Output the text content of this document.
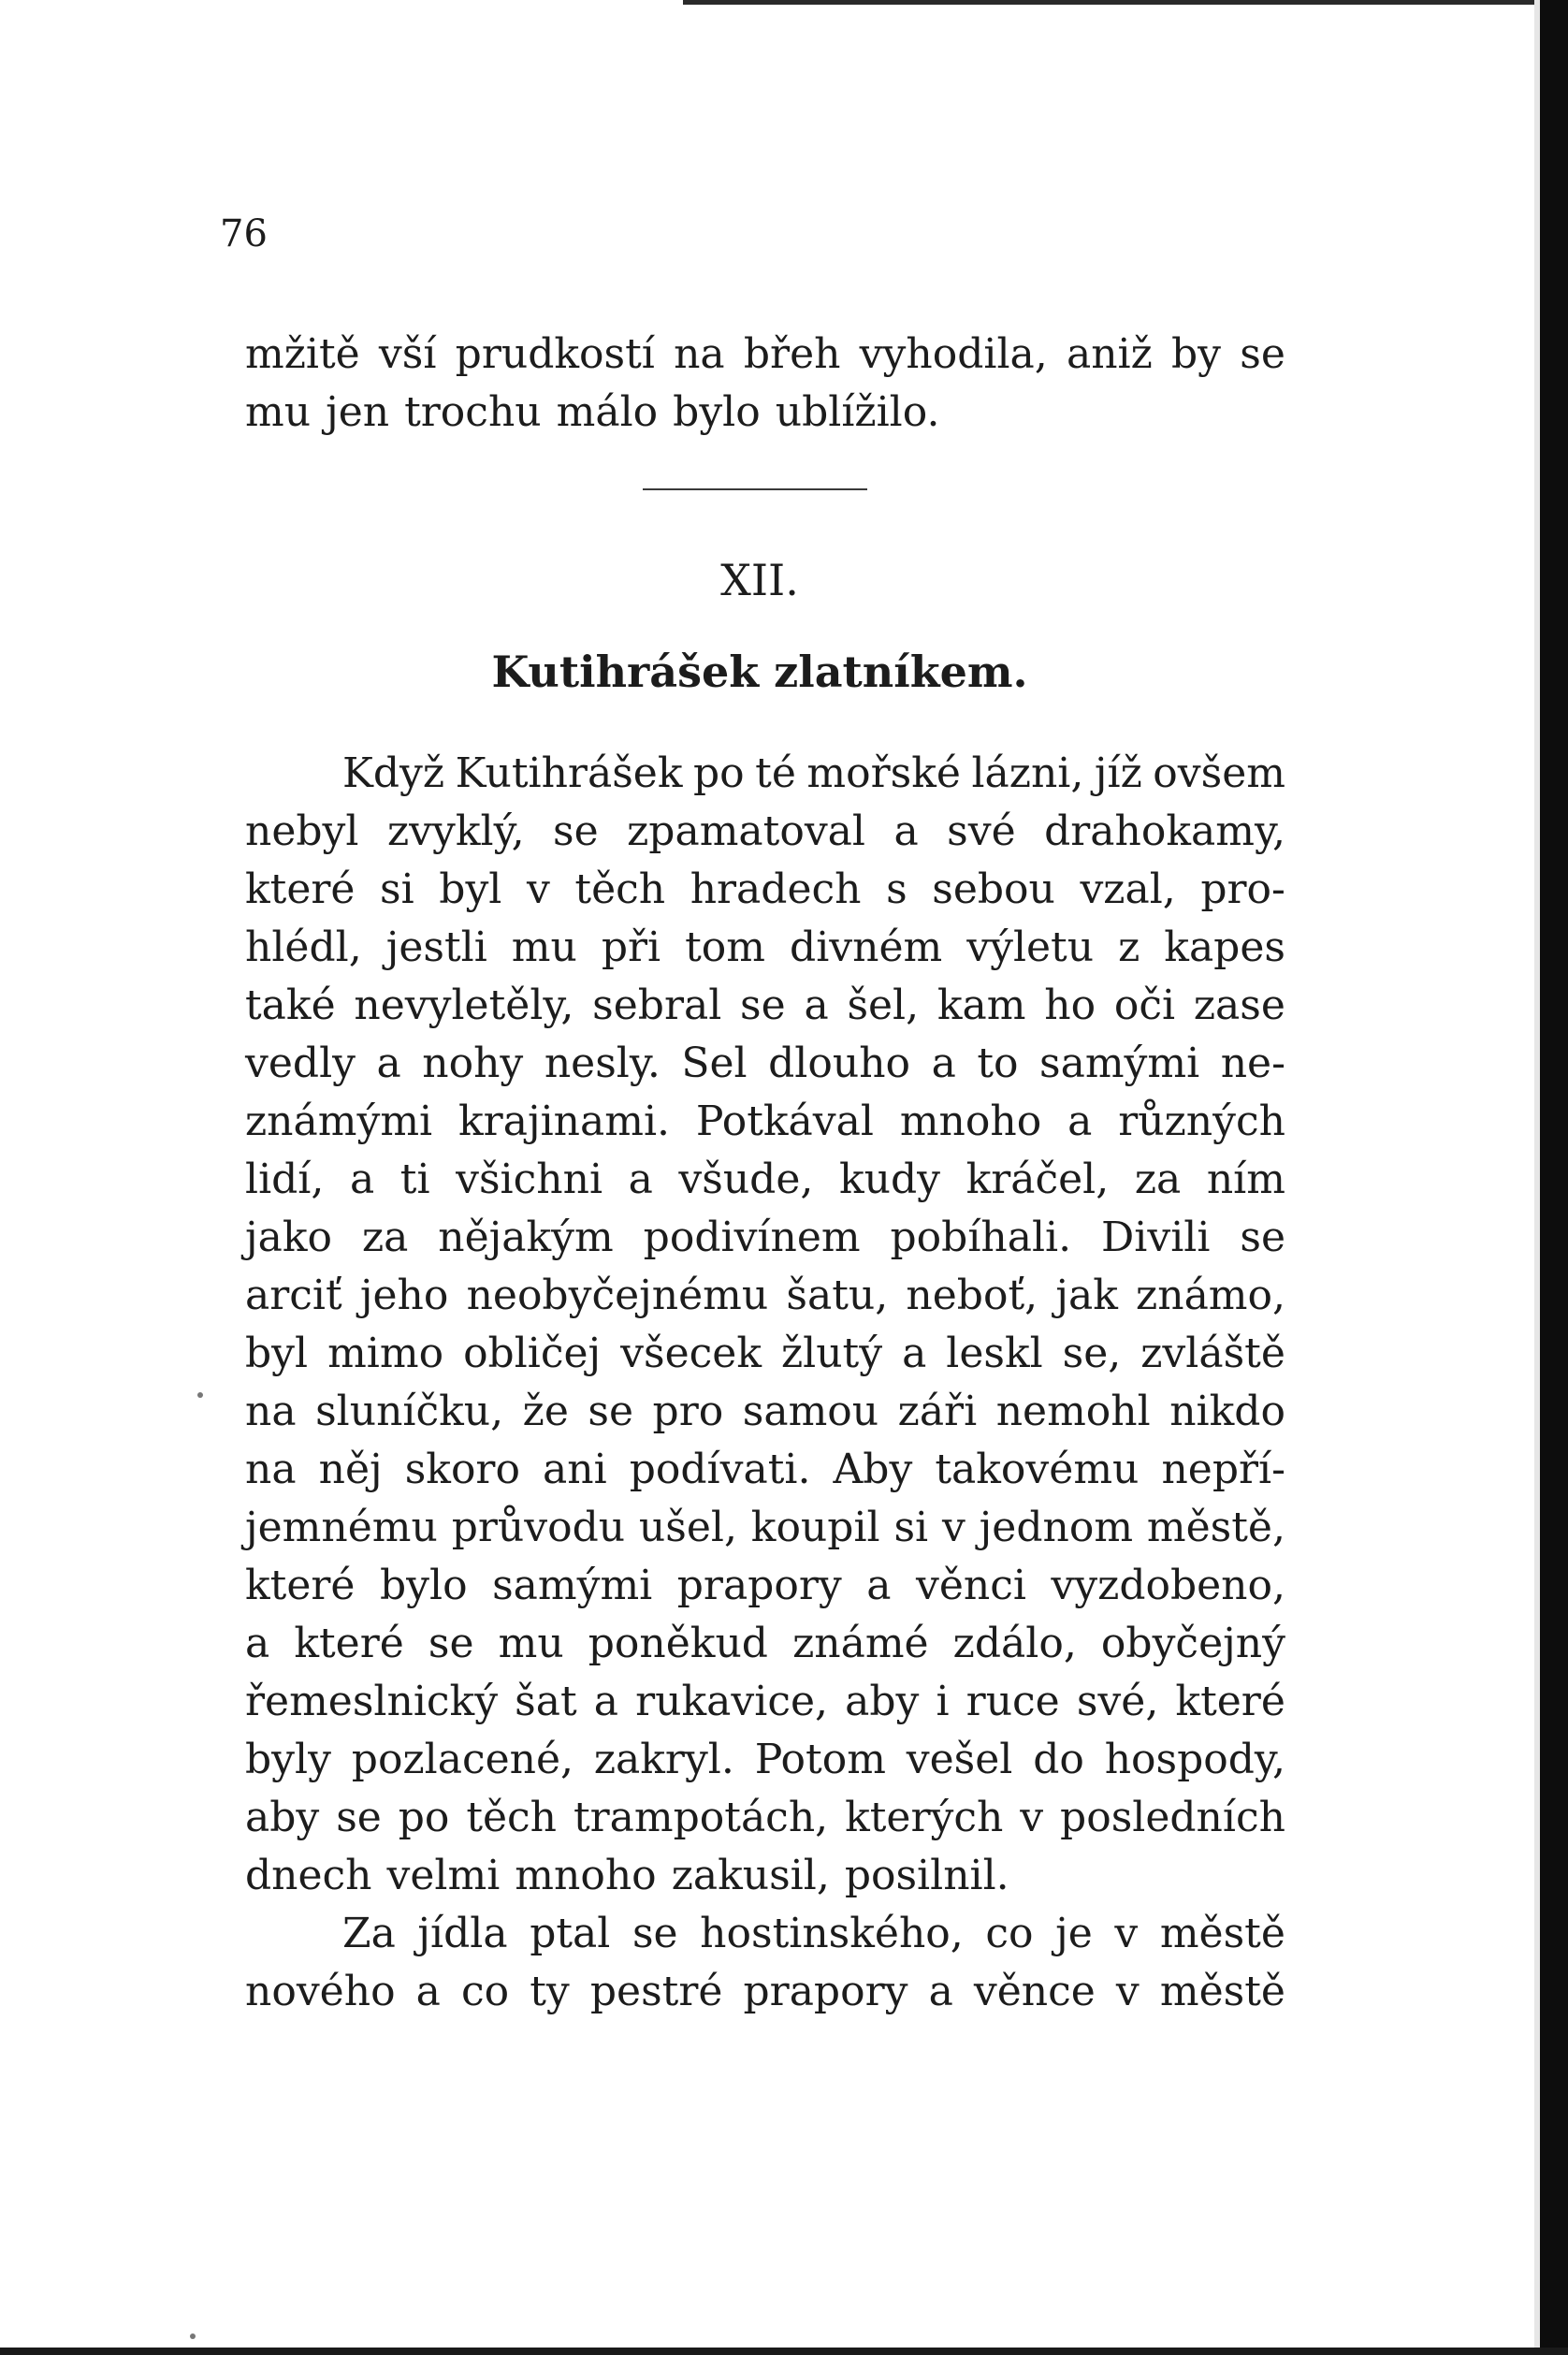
76
mžitě vší prudkostí na břeh vyhodila, aniž by se
mu jen trochu málo bylo ublížilo.
XII.
Kutihrášek zlatníkem.
Když Kutihrášek po té mořské lázni, jíž ovšem
nebyl zvyklý, se zpamatoval a své drahokamy,
které si byl v těch hradech s sebou vzal, pro-
hlédl, jestli mu při tom divném výletu z kapes
také nevyletěly, sebral se a šel, kam ho oči zase
vedly a nohy nesly. Sel dlouho a to samými ne-
známými krajinami. Potkával mnoho a různých
lidí, a ti všichni a všude, kudy kráčel, za ním
jako za nějakým podivínem pobíhali. Divili se
arciť jeho neobyčejnému šatu, neboť, jak známo,
byl mimo obličej všecek žlutý a leskl se, zvláště
na sluníčku, že se pro samou záři nemohl nikdo
na něj skoro ani podívati. Aby takovému nepří-
jemnému průvodu ušel, koupil si v jednom městě,
které bylo samými prapory a věnci vyzdobeno,
a které se mu poněkud známé zdálo, obyčejný
řemeslnický šat a rukavice, aby i ruce své, které
byly pozlacené, zakryl. Potom vešel do hospody,
aby se po těch trampotách, kterých v posledních
dnech velmi mnoho zakusil, posilnil.
Za jídla ptal se hostinského, co je v městě
nového a co ty pestré prapory a věnce v městě
